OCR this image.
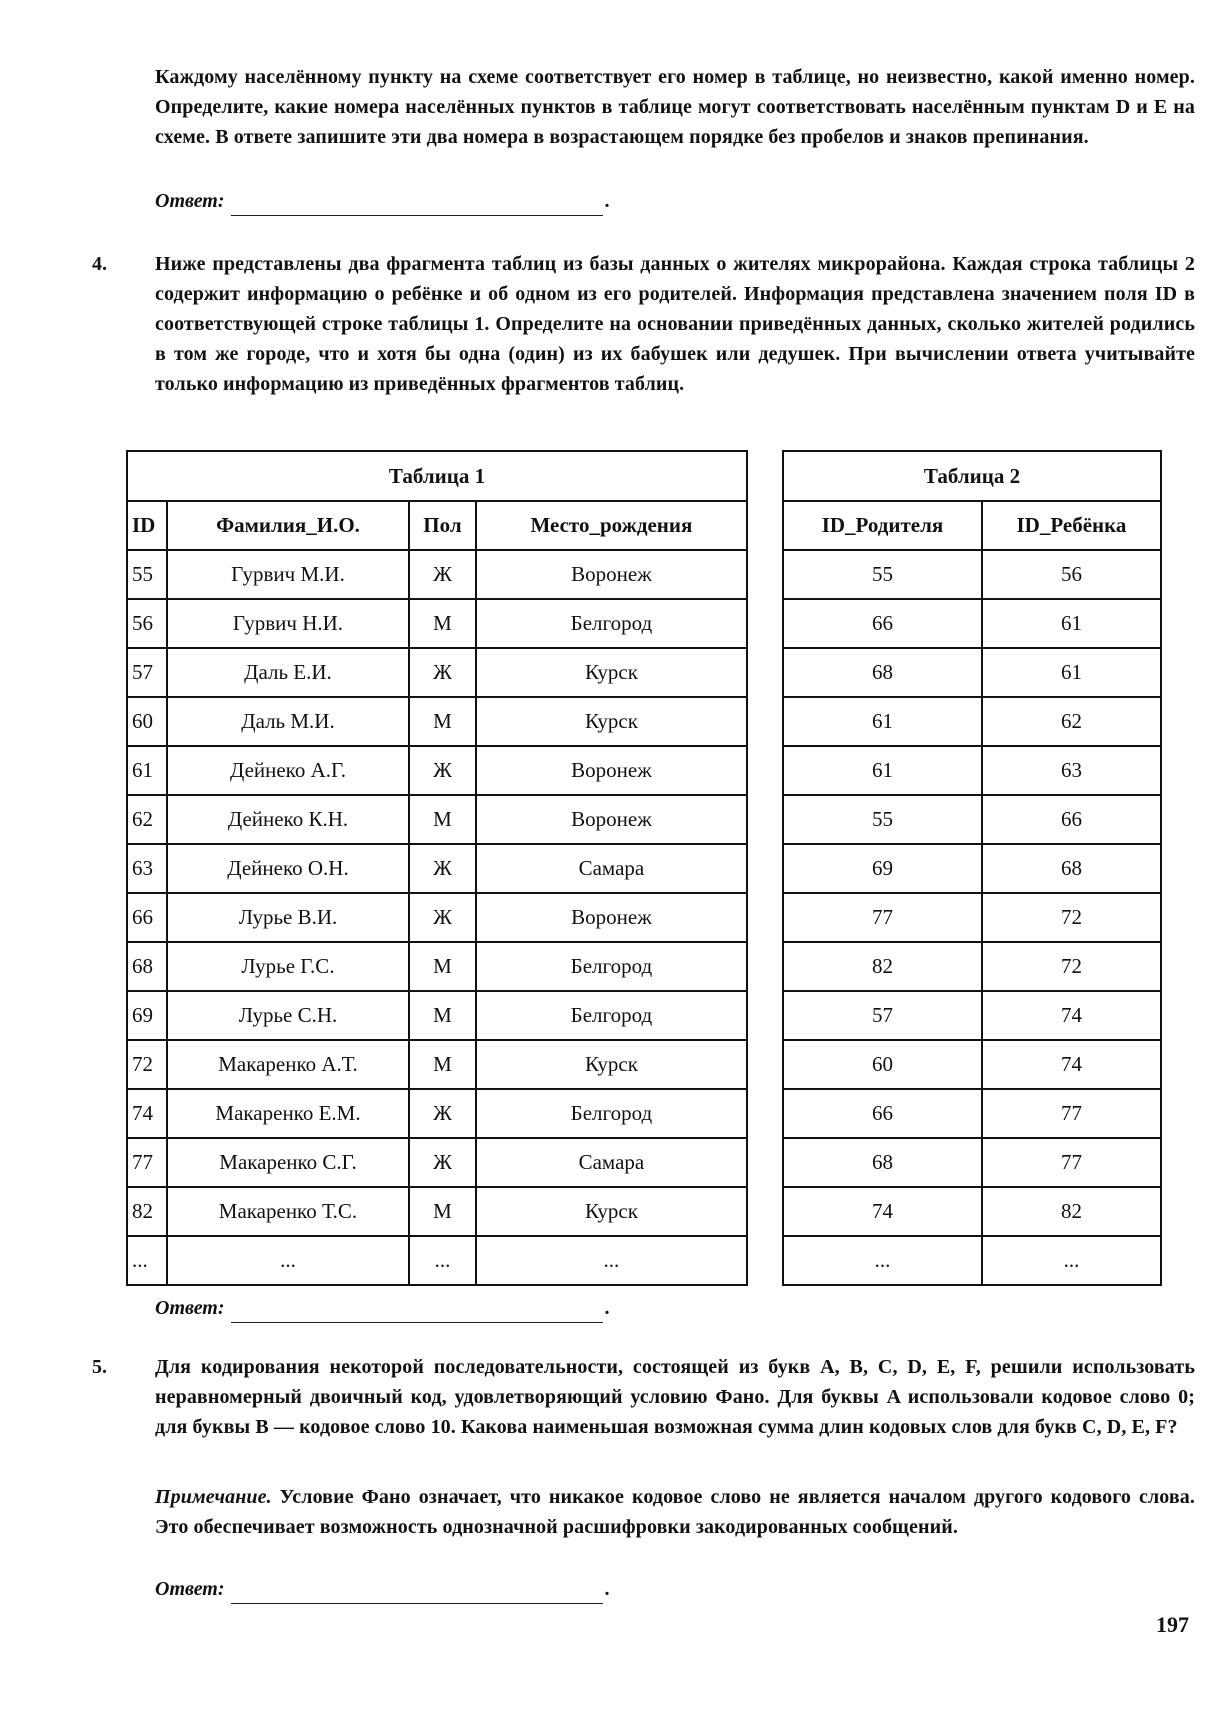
Каждому населённому пункту на схеме соответствует его номер в таблице, но неизвестно, какой именно номер. Определите, какие номера населённых пунктов в таблице могут соответствовать населённым пунктам D и E на схеме. В ответе запишите эти два номера в возрастающем порядке без пробелов и знаков препинания.
Ответ:	.
4. Ниже представлены два фрагмента таблиц из базы данных о жителях микрорайона. Каждая строка таблицы 2 содержит информацию о ребёнке и об одном из его родителей. Информация представлена значением поля ID в соответствующей строке таблицы 1. Определите на основании приведённых данных, сколько жителей родились в том же городе, что и хотя бы одна (один) из их бабушек или дедушек. При вычислении ответа учитывайте только информацию из приведённых фрагментов таблиц.
Таблица 1			
ID	Фамилия_И.О.	Пол	Место_рождения
55	Гурвич М.И.	Ж	Воронеж
56	Гурвич Н.И.	М	Белгород
57	Даль Е.И.	Ж	Курск
60	Даль М.И.	М	Курск
61	Дейнеко А.Г.	Ж	Воронеж
62	Дейнеко К.Н.	М	Воронеж
63	Дейнеко О.Н.	Ж	Самара
66	Лурье В.И.	Ж	Воронеж
68	Лурье Г.С.	М	Белгород
69	Лурье С.Н.	М	Белгород
72	Макаренко А.Т.	М	Курск
74	Макаренко Е.М.	Ж	Белгород
77	Макаренко С.Г.	Ж	Самара
82	Макаренко Т.С.	М	Курск
...	...	...	...
Таблица 2	
ID_Родителя	ID_Ребёнка
55	56
66	61
68	61
61	62
61	63
55	66
69	68
77	72
82	72
57	74
60	74
66	77
68	77
74	82
...	...
Ответ:	.
5. Для кодирования некоторой последовательности, состоящей из букв A, B, C, D, E, F, решили использовать неравномерный двоичный код, удовлетворяющий условию Фано. Для буквы A использовали кодовое слово 0; для буквы B — кодовое слово 10. Какова наименьшая возможная сумма длин кодовых слов для букв C, D, E, F?
Примечание. Условие Фано означает, что никакое кодовое слово не является началом другого кодового слова. Это обеспечивает возможность однозначной расшифровки закодированных сообщений.
Ответ:	.
197
